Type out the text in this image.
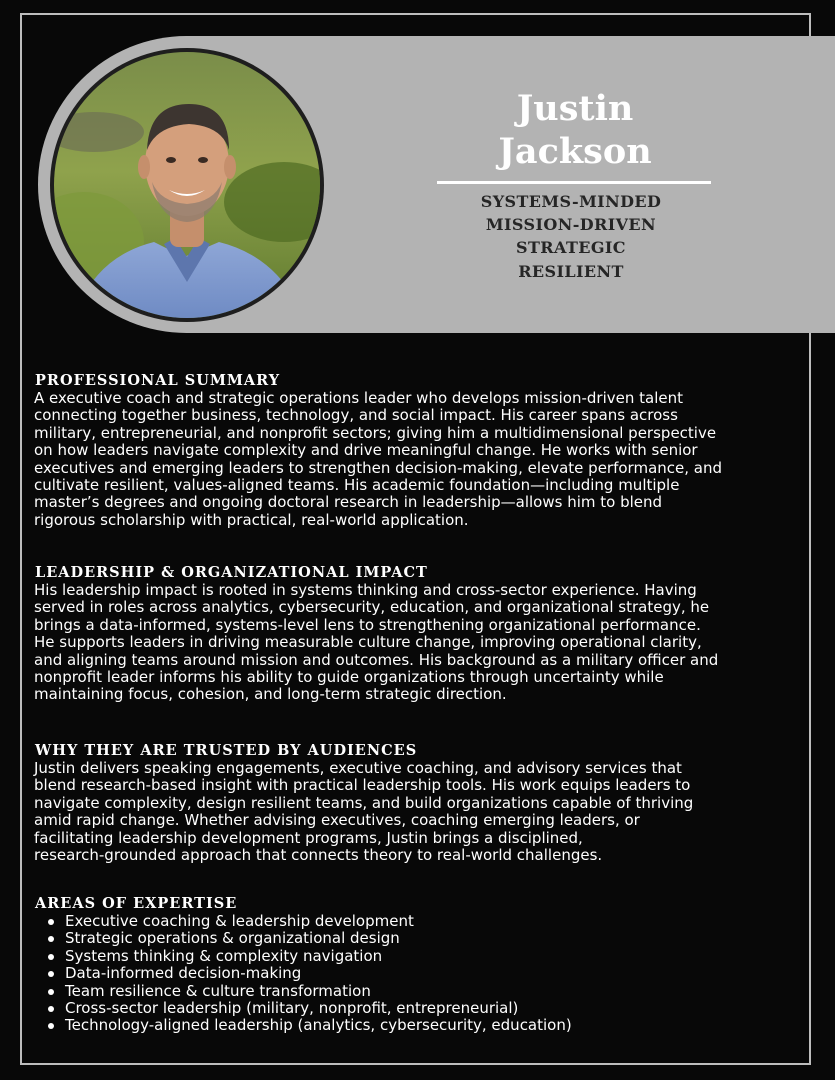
Justin
Jackson
SYSTEMS-MINDED
MISSION-DRIVEN
STRATEGIC
RESILIENT
PROFESSIONAL SUMMARY
A executive coach and strategic operations leader who develops mission-driven talent
connecting together business, technology, and social impact. His career spans across
military, entrepreneurial, and nonprofit sectors; giving him a multidimensional perspective
on how leaders navigate complexity and drive meaningful change. He works with senior
executives and emerging leaders to strengthen decision-making, elevate performance, and
cultivate resilient, values-aligned teams. His academic foundation—including multiple
master’s degrees and ongoing doctoral research in leadership—allows him to blend
rigorous scholarship with practical, real-world application.
LEADERSHIP & ORGANIZATIONAL IMPACT
His leadership impact is rooted in systems thinking and cross-sector experience. Having
served in roles across analytics, cybersecurity, education, and organizational strategy, he
brings a data-informed, systems-level lens to strengthening organizational performance.
He supports leaders in driving measurable culture change, improving operational clarity,
and aligning teams around mission and outcomes. His background as a military officer and
nonprofit leader informs his ability to guide organizations through uncertainty while
maintaining focus, cohesion, and long-term strategic direction.
WHY THEY ARE TRUSTED BY AUDIENCES
Justin delivers speaking engagements, executive coaching, and advisory services that
blend research-based insight with practical leadership tools. His work equips leaders to
navigate complexity, design resilient teams, and build organizations capable of thriving
amid rapid change. Whether advising executives, coaching emerging leaders, or
facilitating leadership development programs, Justin brings a disciplined,
research-grounded approach that connects theory to real-world challenges.
AREAS OF EXPERTISE
Executive coaching & leadership development
Strategic operations & organizational design
Systems thinking & complexity navigation
Data-informed decision-making
Team resilience & culture transformation
Cross-sector leadership (military, nonprofit, entrepreneurial)
Technology-aligned leadership (analytics, cybersecurity, education)
